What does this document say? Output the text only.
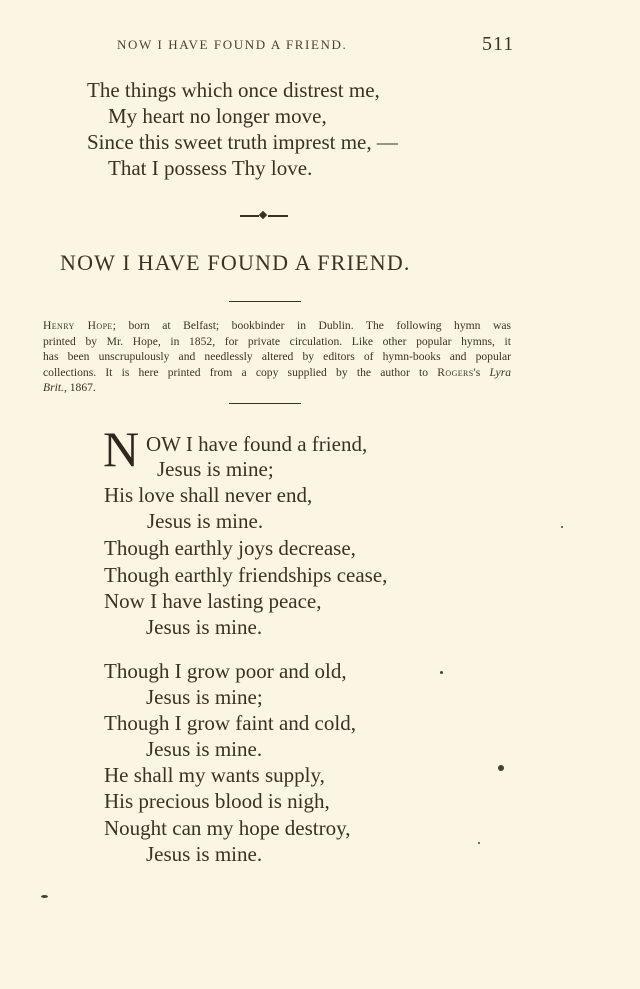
NOW I HAVE FOUND A FRIEND.	511
The things which once distrest me,
My heart no longer move,
Since this sweet truth imprest me, —
That I possess Thy love.
NOW I HAVE FOUND A FRIEND.
Henry Hope; born at Belfast; bookbinder in Dublin. The following hymn was
printed by Mr. Hope, in 1852, for private circulation. Like other popular hymns, it
has been unscrupulously and needlessly altered by editors of hymn-books and popular
collections. It is here printed from a copy supplied by the author to Rogers's Lyra
Brit., 1867.
N OW I have found a friend,
Jesus is mine;
His love shall never end,
Jesus is mine.
Though earthly joys decrease,
Though earthly friendships cease,
Now I have lasting peace,
Jesus is mine.
Though I grow poor and old,
Jesus is mine;
Though I grow faint and cold,
Jesus is mine.
He shall my wants supply,
His precious blood is nigh,
Nought can my hope destroy,
Jesus is mine.
